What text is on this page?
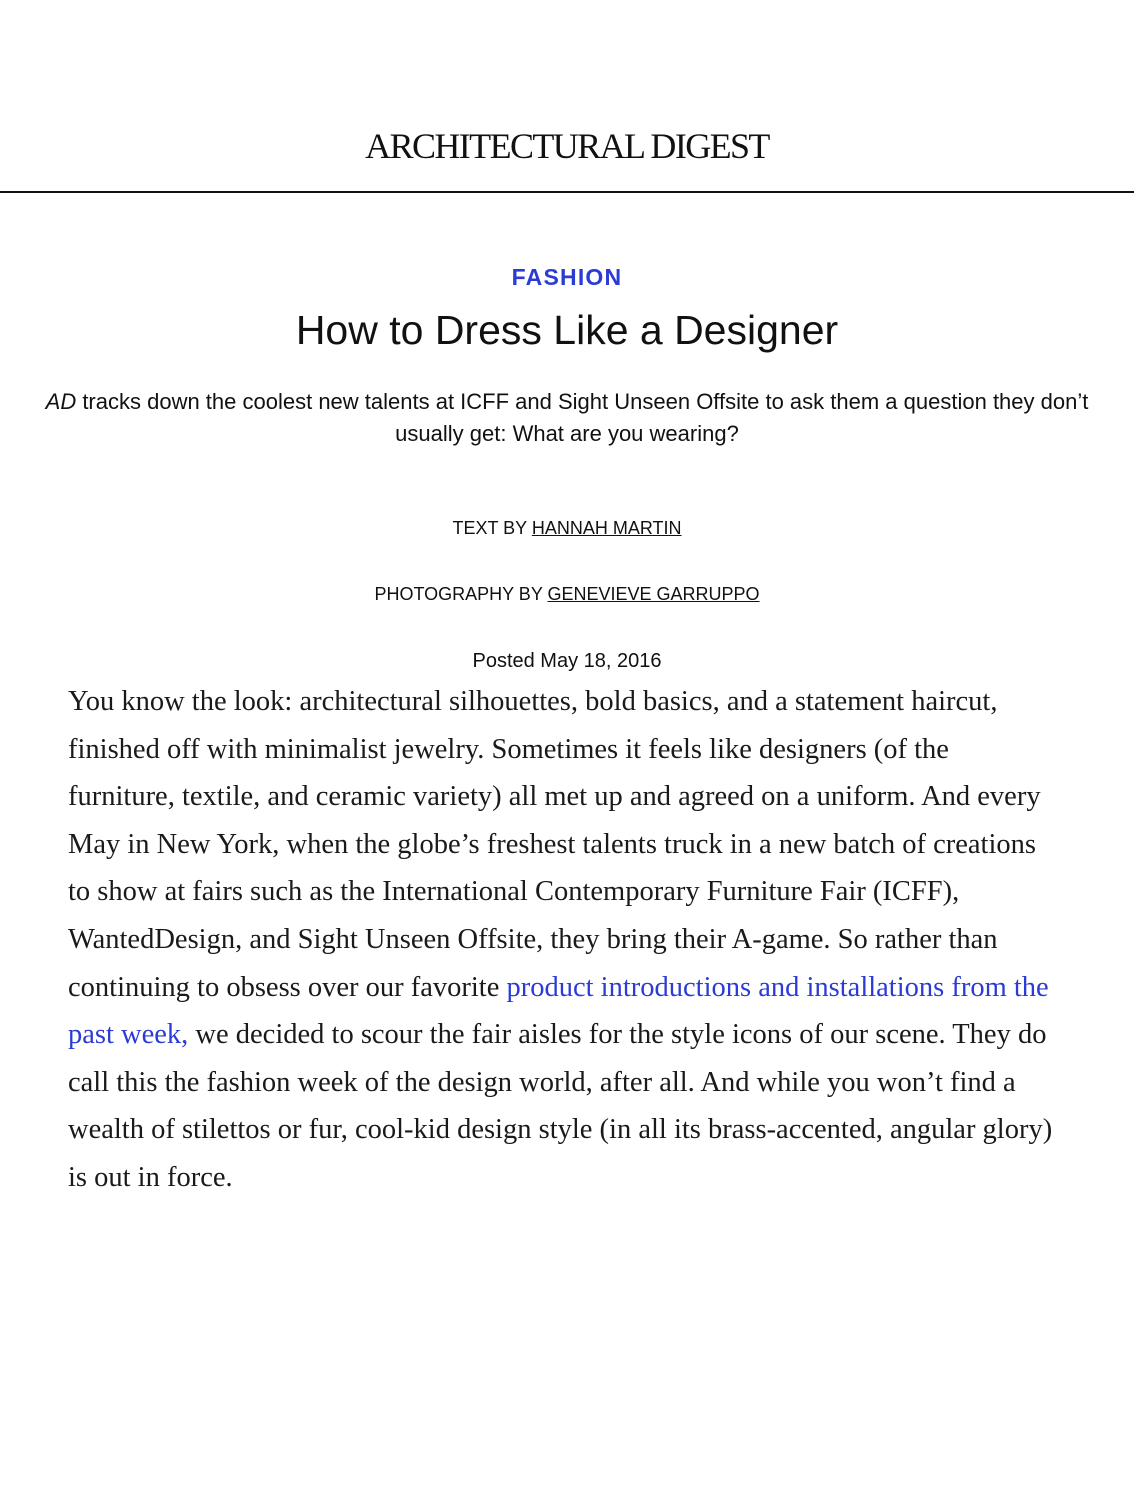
ARCHITECTURAL DIGEST
FASHION
How to Dress Like a Designer
AD tracks down the coolest new talents at ICFF and Sight Unseen Offsite to ask them a question they don’t usually get: What are you wearing?
TEXT BY HANNAH MARTIN
PHOTOGRAPHY BY GENEVIEVE GARRUPPO
Posted May 18, 2016

You know the look: architectural silhouettes, bold basics, and a statement haircut, finished off with minimalist jewelry. Sometimes it feels like designers (of the furniture, textile, and ceramic variety) all met up and agreed on a uniform. And every May in New York, when the globe’s freshest talents truck in a new batch of creations to show at fairs such as the International Contemporary Furniture Fair (ICFF), WantedDesign, and Sight Unseen Offsite, they bring their A-game. So rather than continuing to obsess over our favorite product introductions and installations from the past week, we decided to scour the fair aisles for the style icons of our scene. They do call this the fashion week of the design world, after all. And while you won’t find a wealth of stilettos or fur, cool-kid design style (in all its brass-accented, angular glory) is out in force.
